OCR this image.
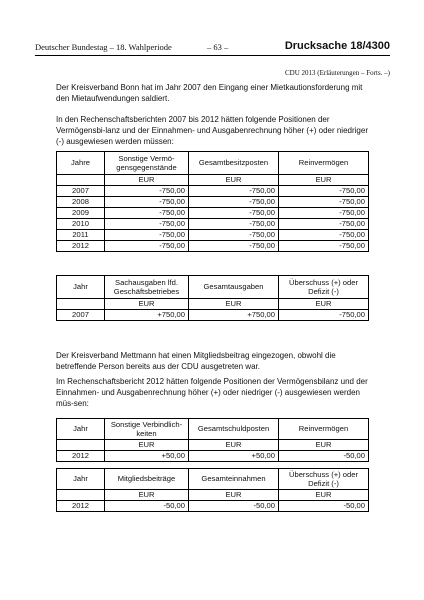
Deutscher Bundestag – 18. Wahlperiode	– 63 –	Drucksache 18/4300
CDU 2013 (Erläuterungen – Forts. –)

Der Kreisverband Bonn hat im Jahr 2007 den Eingang einer Mietkautionsforderung mit den Mietaufwendungen saldiert.

In den Rechenschaftsberichten 2007 bis 2012 hätten folgende Positionen der Vermögensbi-lanz und der Einnahmen- und Ausgabenrechnung höher (+) oder niedriger (-) ausgewiesen werden müssen:

Jahre	Sonstige Vermö-gensgegenstände	Gesamtbesitzposten	Reinvermögen
	EUR	EUR	EUR
2007	-750,00	-750,00	-750,00
2008	-750,00	-750,00	-750,00
2009	-750,00	-750,00	-750,00
2010	-750,00	-750,00	-750,00
2011	-750,00	-750,00	-750,00
2012	-750,00	-750,00	-750,00
Jahr	Sachausgaben lfd. Geschäftsbetriebes	Gesamtausgaben	Überschuss (+) oder Defizit (-)
	EUR	EUR	EUR
2007	+750,00	+750,00	-750,00

Der Kreisverband Mettmann hat einen Mitgliedsbeitrag eingezogen, obwohl die betreffende Person bereits aus der CDU ausgetreten war.

Im Rechenschaftsbericht 2012 hätten folgende Positionen der Vermögensbilanz und der Einnahmen- und Ausgabenrechnung höher (+) oder niedriger (-) ausgewiesen werden müs-sen:

Jahr	Sonstige Verbindlich-keiten	Gesamtschuldposten	Reinvermögen
	EUR	EUR	EUR
2012	+50,00	+50,00	-50,00
Jahr	Mitgliedsbeiträge	Gesamteinnahmen	Überschuss (+) oder Defizit (-)
	EUR	EUR	EUR
2012	-50,00	-50,00	-50,00
